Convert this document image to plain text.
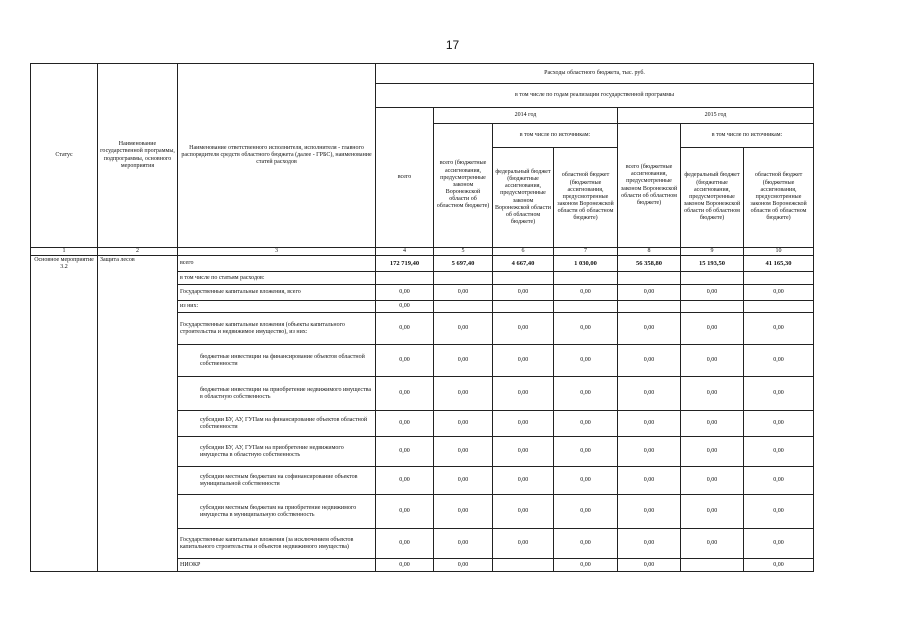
17
Статус	Наименование государственной программы, подпрограммы, основного мероприятия	Наименование ответственного исполнителя, исполнителя - главного распорядителя средств областного бюджета (далее - ГРБС), наименование статей расходов	Расходы областного бюджета, тыс. руб.						
			в том числе по годам реализации государственной программы						
			всего	2014 год			2015 год		
				всего (бюджетные ассигнования, предусмотренные законом Воронежской области об областном бюджете)	в том числе по источникам:		всего (бюджетные ассигнования, предусмотренные законом Воронежской области об областном бюджете)	в том числе по источникам:	
					федеральный бюджет (бюджетные ассигнования, предусмотренные законом Воронежской области об областном бюджете)	областной бюджет (бюджетные ассигнования, предусмотренные законом Воронежской области об областном бюджете)		федеральный бюджет (бюджетные ассигнования, предусмотренные законом Воронежской области об областном бюджете)	областной бюджет (бюджетные ассигнования, предусмотренные законом Воронежской области об областном бюджете)
1	2	3	4	5	6	7	8	9	10
Основное мероприятие 3.2	Защита лесов	всего	172 719,40	5 697,40	4 667,40	1 030,00	56 358,80	15 193,50	41 165,30
		в том числе по статьям расходов:							
		Государственные капитальные вложения, всего	0,00	0,00	0,00	0,00	0,00	0,00	0,00
		из них:	0,00						
		Государственные капитальные вложения (объекты капитального строительства и недвижимое имущество), из них:	0,00	0,00	0,00	0,00	0,00	0,00	0,00
		бюджетные инвестиции на финансирование объектов областной собственности	0,00	0,00	0,00	0,00	0,00	0,00	0,00
		бюджетные инвестиции на приобретение недвижимого имущества в областную собственность	0,00	0,00	0,00	0,00	0,00	0,00	0,00
		субсидии БУ, АУ, ГУПам на финансирование объектов областной собственности	0,00	0,00	0,00	0,00	0,00	0,00	0,00
		субсидии БУ, АУ, ГУПам на приобретение недвижимого имущества в областную собственность	0,00	0,00	0,00	0,00	0,00	0,00	0,00
		субсидии местным бюджетам на софинансирование объектов муниципальной собственности	0,00	0,00	0,00	0,00	0,00	0,00	0,00
		субсидии местным бюджетам на приобретение недвижимого имущества в муниципальную собственность	0,00	0,00	0,00	0,00	0,00	0,00	0,00
		Государственные капитальные вложения (за исключением объектов капитального строительства и объектов недвижимого имущества)	0,00	0,00	0,00	0,00	0,00	0,00	0,00
		НИОКР	0,00	0,00		0,00	0,00		0,00
